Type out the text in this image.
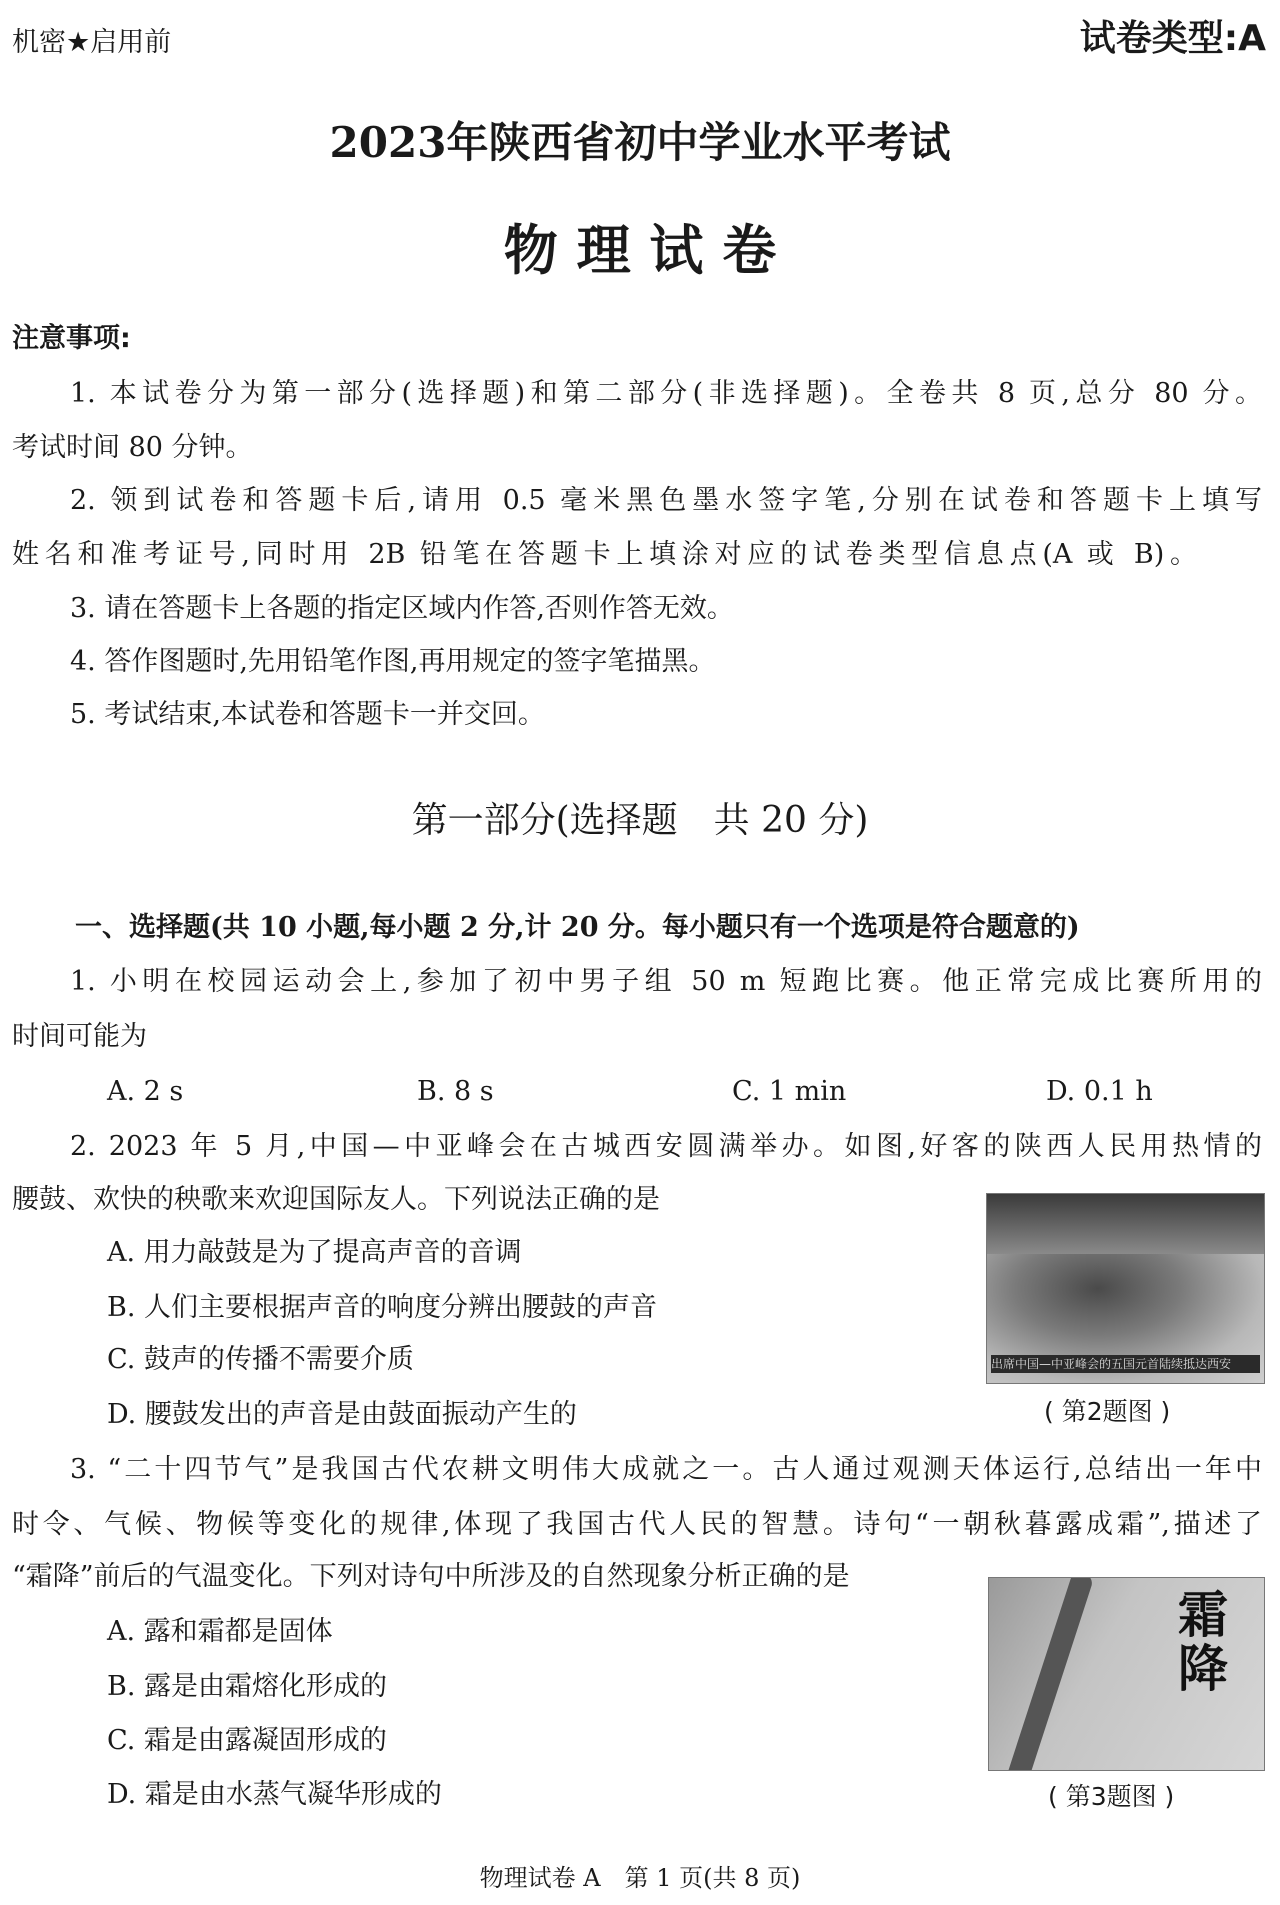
机密★启用前	试卷类型:A
2023年陕西省初中学业水平考试
物 理 试 卷
注意事项:
1. 本试卷分为第一部分(选择题)和第二部分(非选择题)。全卷共 8 页,总分 80 分。
考试时间 80 分钟。
2. 领到试卷和答题卡后,请用 0.5 毫米黑色墨水签字笔,分别在试卷和答题卡上填写
姓名和准考证号,同时用 2B 铅笔在答题卡上填涂对应的试卷类型信息点(A 或 B)。
3. 请在答题卡上各题的指定区域内作答,否则作答无效。
4. 答作图题时,先用铅笔作图,再用规定的签字笔描黑。
5. 考试结束,本试卷和答题卡一并交回。
第一部分(选择题　共 20 分)
一、选择题(共 10 小题,每小题 2 分,计 20 分。每小题只有一个选项是符合题意的)
1. 小明在校园运动会上,参加了初中男子组 50 m 短跑比赛。他正常完成比赛所用的
时间可能为
A. 2 s	B. 8 s	C. 1 min	D. 0.1 h
2. 2023 年 5 月,中国—中亚峰会在古城西安圆满举办。如图,好客的陕西人民用热情的
腰鼓、欢快的秧歌来欢迎国际友人。下列说法正确的是
A. 用力敲鼓是为了提高声音的音调
B. 人们主要根据声音的响度分辨出腰鼓的声音
C. 鼓声的传播不需要介质
D. 腰鼓发出的声音是由鼓面振动产生的
出席中国—中亚峰会的五国元首陆续抵达西安
( 第2题图 )
3. “二十四节气”是我国古代农耕文明伟大成就之一。古人通过观测天体运行,总结出一年中
时令、气候、物候等变化的规律,体现了我国古代人民的智慧。诗句“一朝秋暮露成霜”,描述了
“霜降”前后的气温变化。下列对诗句中所涉及的自然现象分析正确的是
A. 露和霜都是固体
B. 露是由霜熔化形成的
C. 霜是由露凝固形成的
D. 霜是由水蒸气凝华形成的
霜降
( 第3题图 )
物理试卷 A　第 1 页(共 8 页)
